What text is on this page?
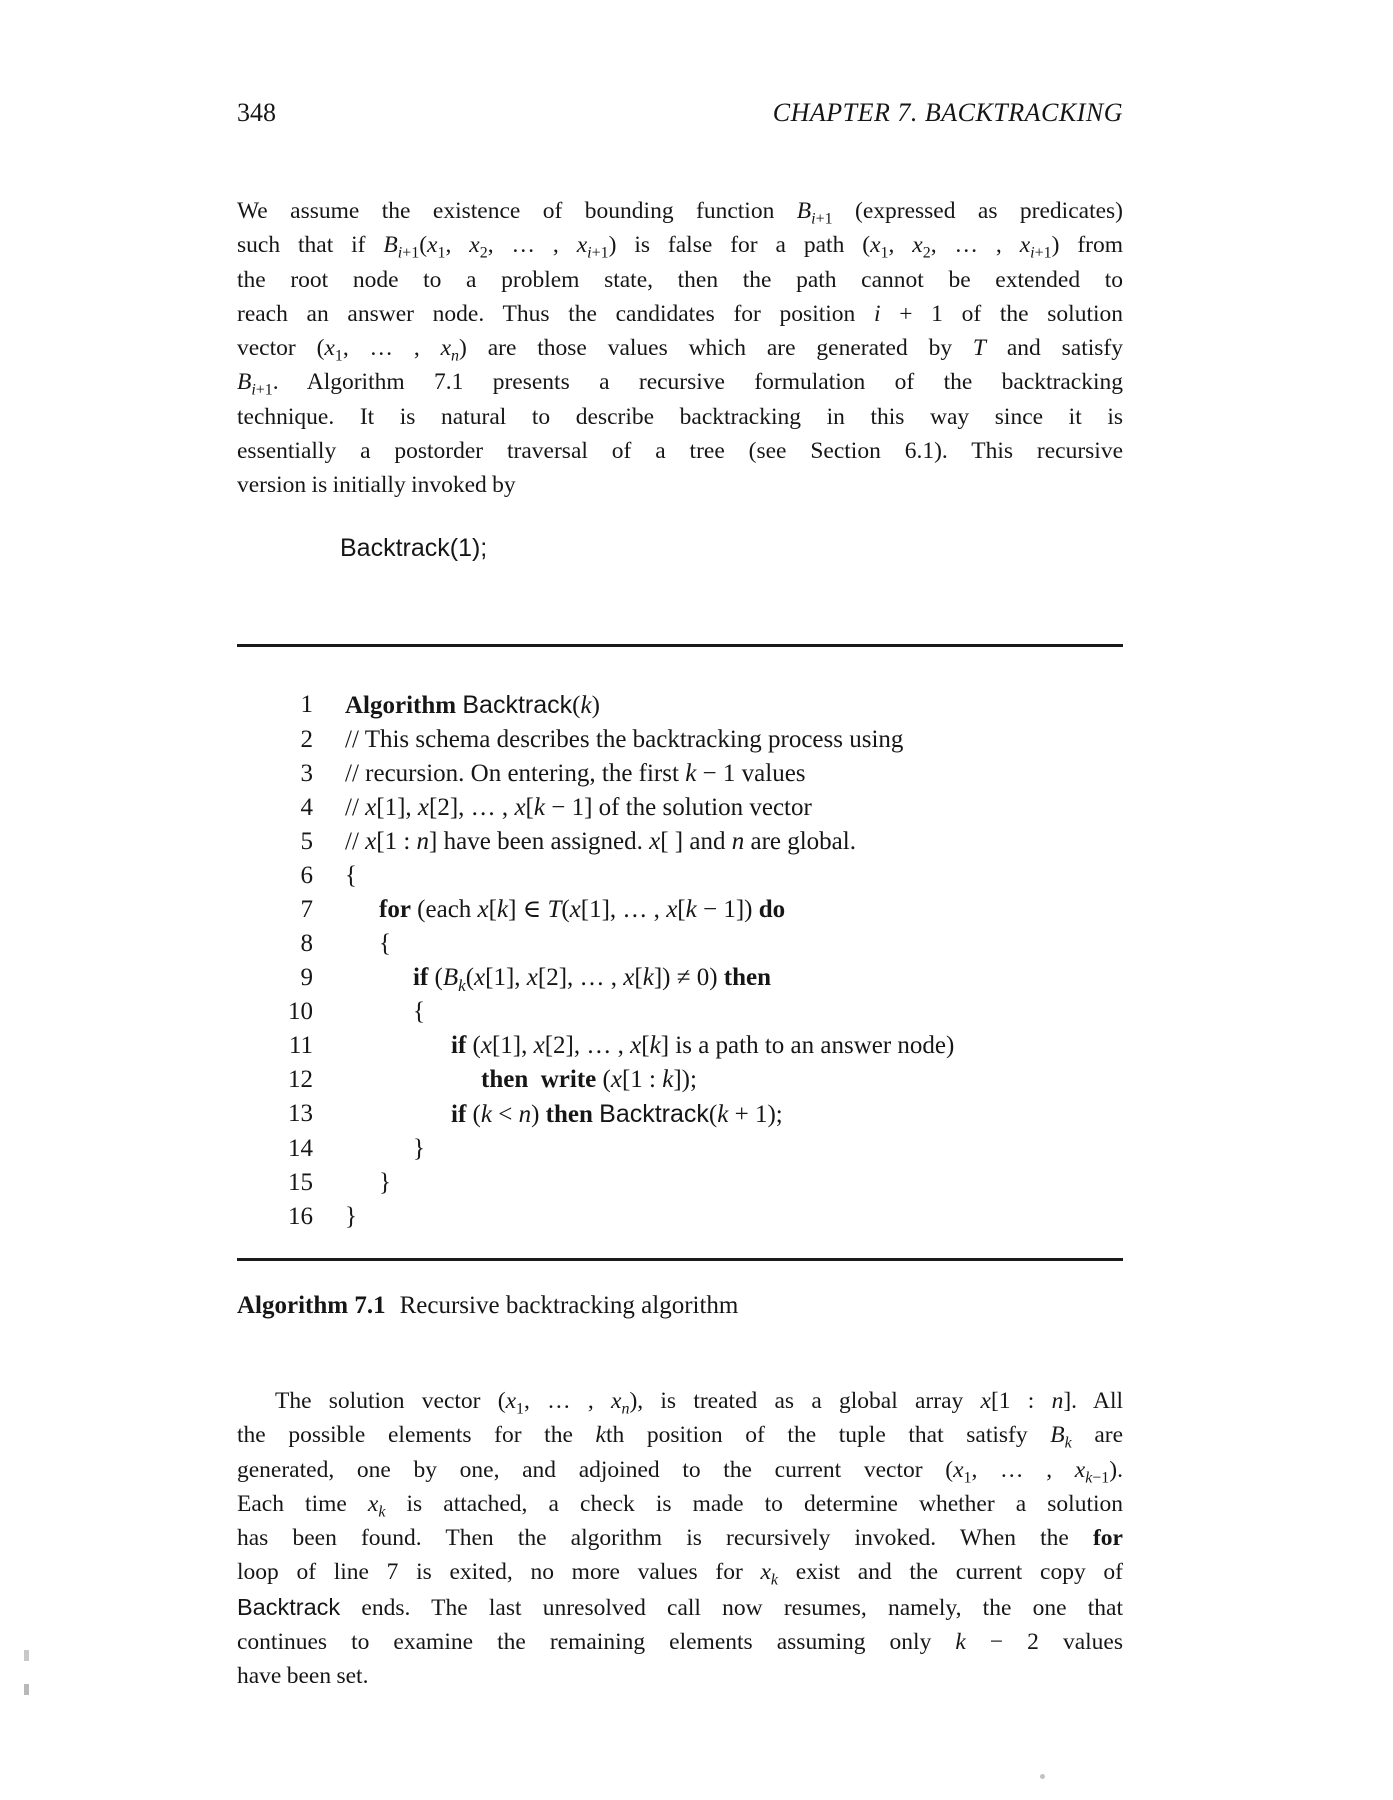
348	CHAPTER 7. BACKTRACKING
We assume the existence of bounding function $B_{i+1}$ (expressed as predicates)
such that if $B_{i+1}(x_1$, $x_2$, … , $x_{i+1}$) is false for a path ($x_1$, $x_2$, … , $x_{i+1}$) from
the root node to a problem state, then the path cannot be extended to
reach an answer node. Thus the candidates for position i + 1 of the solution
vector ($x_1$, … , $x_n$) are those values which are generated by T and satisfy
$B_{i+1}$. Algorithm 7.1 presents a recursive formulation of the backtracking
technique. It is natural to describe backtracking in this way since it is
essentially a postorder traversal of a tree (see Section 6.1). This recursive
version is initially invoked by
Backtrack(1);
1	Algorithm Backtrack(k)
2	// This schema describes the backtracking process using
3	// recursion. On entering, the first k − 1 values
4	// x[1], x[2], … , x[k − 1] of the solution vector
5	// x[1 : n] have been assigned. x[ ] and n are global.
6	{
7	for (each x[k] ∈ T(x[1], … , x[k − 1]) do
8	{
9	if ($B_k(x[1]$, x[2], … , x[k]) ≠ 0) then
10	{
11	if (x[1], x[2], … , x[k] is a path to an answer node)
12	then  write (x[1 : k]);
13	if (k < n) then Backtrack(k + 1);
14	}
15	}
16	}
Algorithm 7.1 Recursive backtracking algorithm
The solution vector ($x_1$, … , $x_n$), is treated as a global array x[1 : n]. All
the possible elements for the kth position of the tuple that satisfy $B_k$ are
generated, one by one, and adjoined to the current vector ($x_1$, … , $x_{k-1}$).
Each time $x_k$ is attached, a check is made to determine whether a solution
has been found. Then the algorithm is recursively invoked. When the for
loop of line 7 is exited, no more values for $x_k$ exist and the current copy of
Backtrack ends. The last unresolved call now resumes, namely, the one that
continues to examine the remaining elements assuming only k − 2 values
have been set.
